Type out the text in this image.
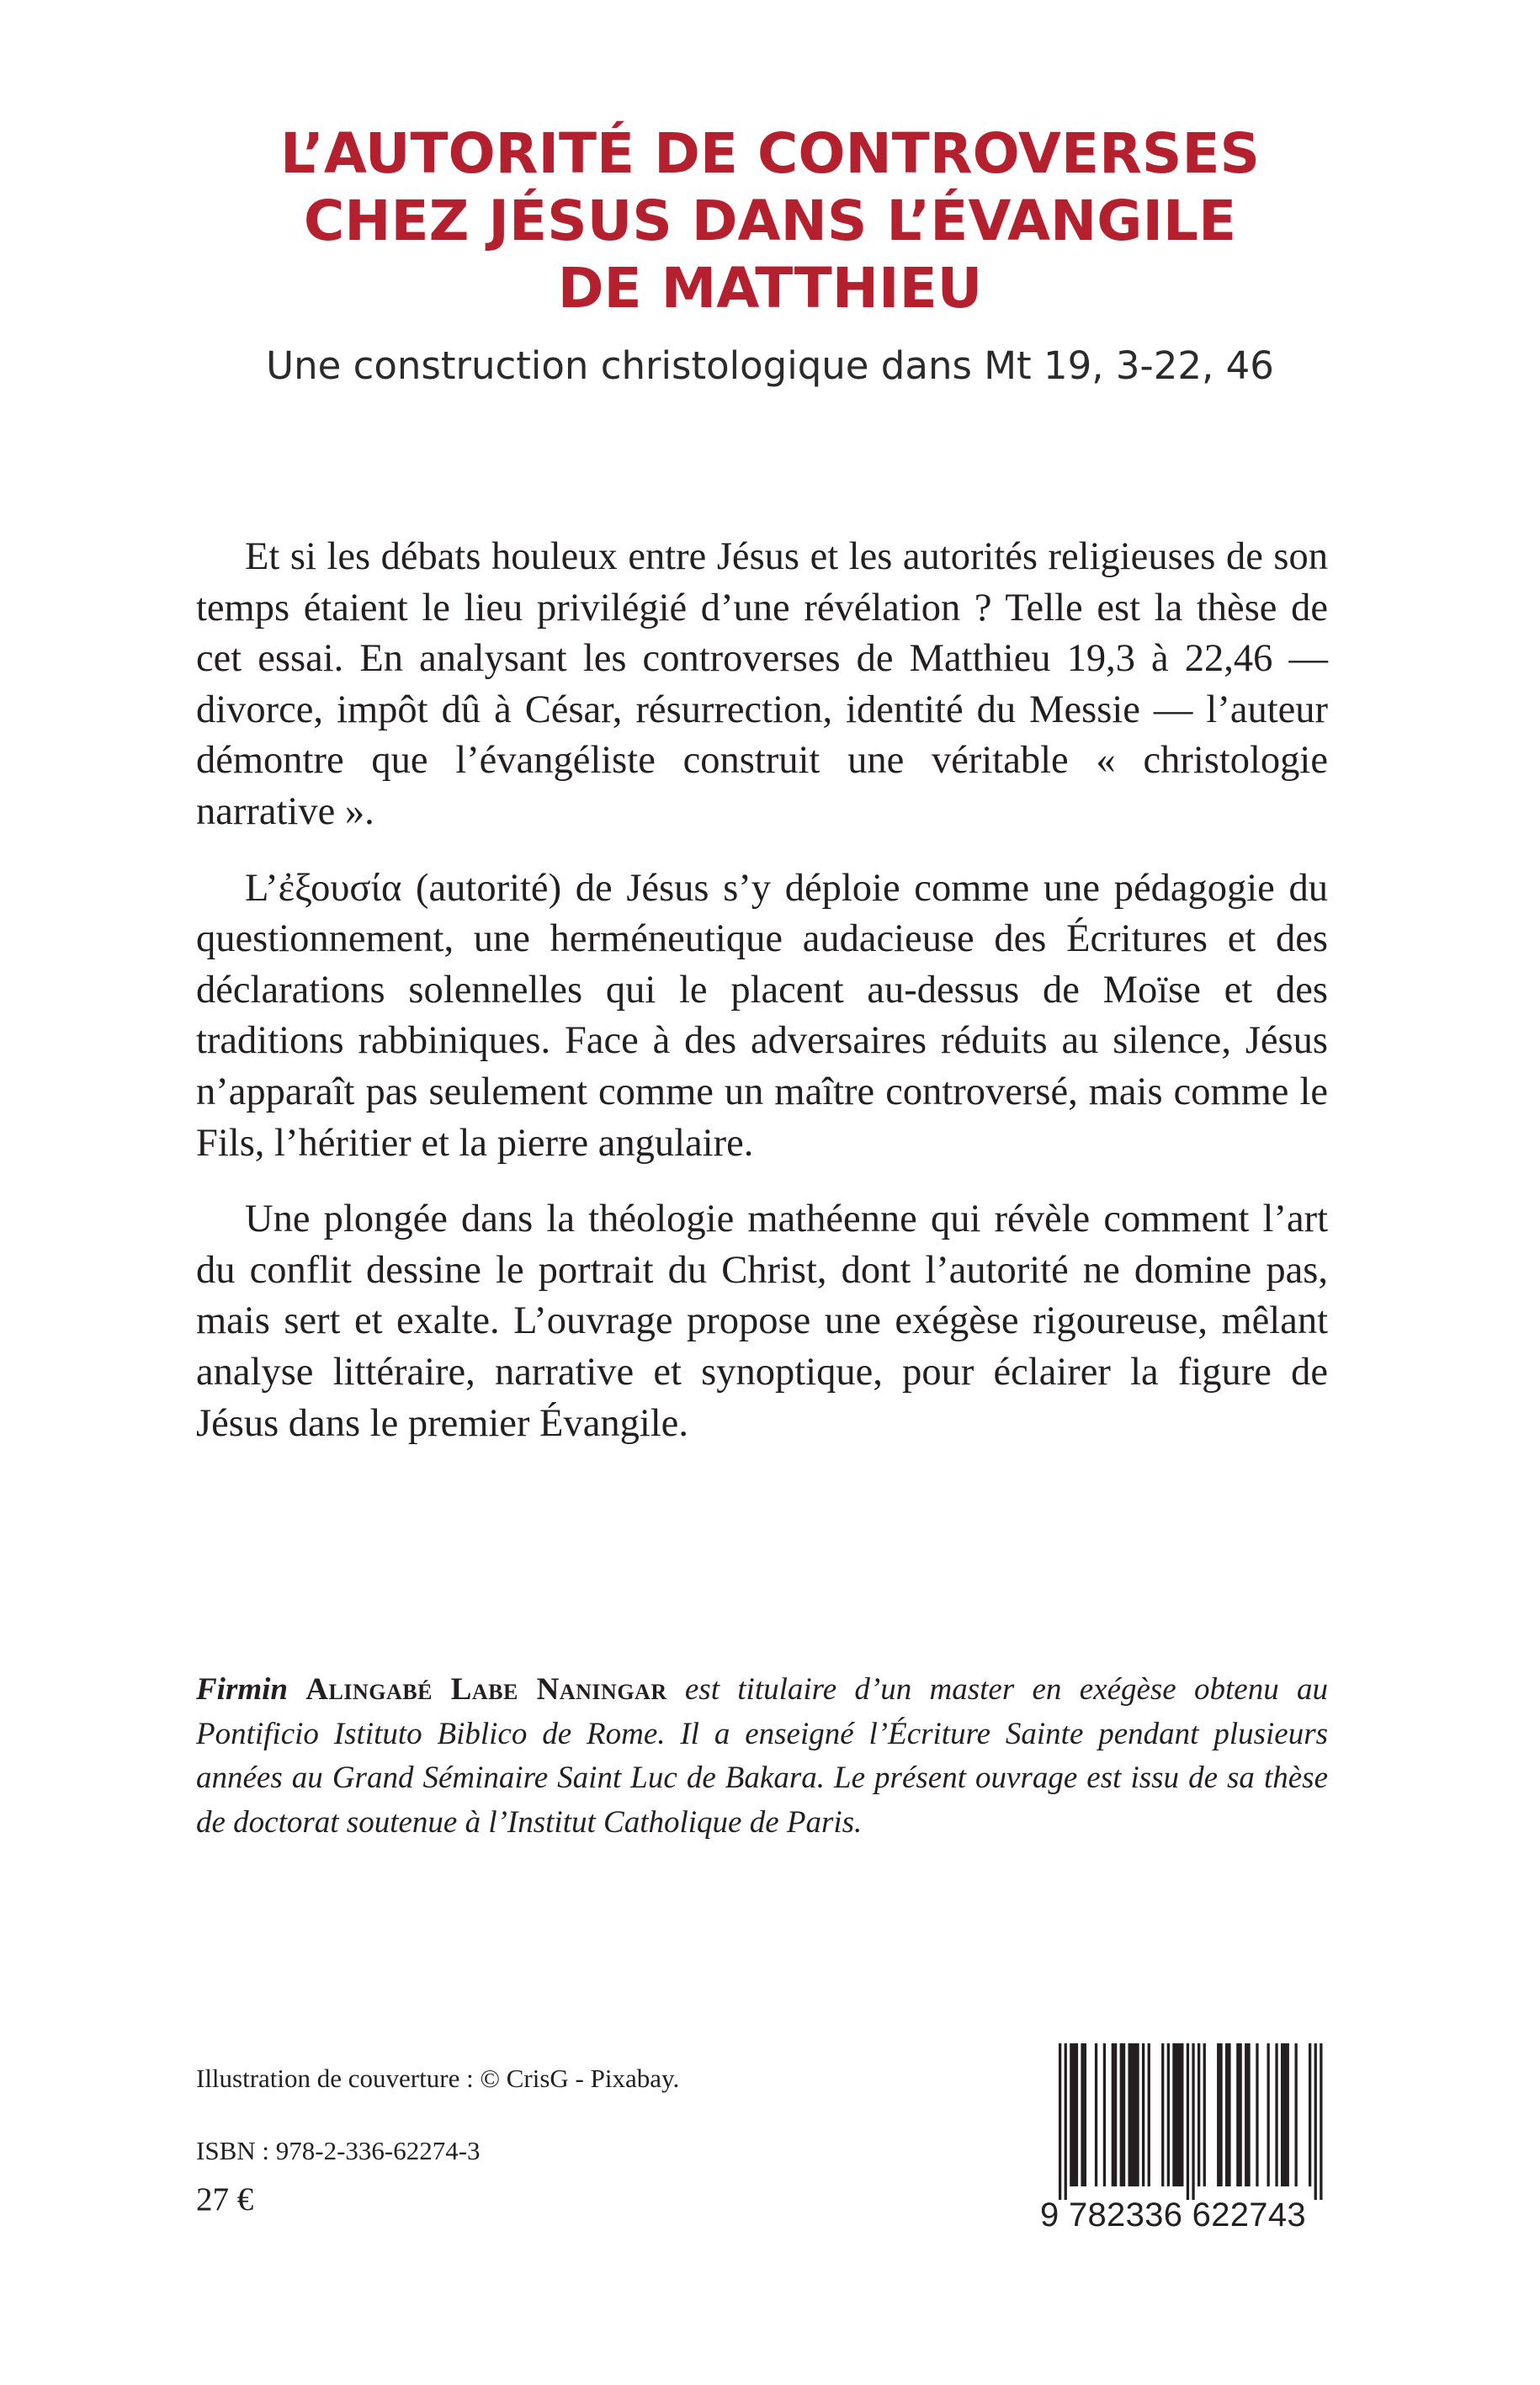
L’AUTORITÉ DE CONTROVERSES
CHEZ JÉSUS DANS L’ÉVANGILE
DE MATTHIEU

Une construction christologique dans Mt 19, 3-22, 46

Et si les débats houleux entre Jésus et les autorités religieuses de son temps étaient le lieu privilégié d’une révélation ? Telle est la thèse de cet essai. En analysant les controverses de Matthieu 19,3 à 22,46 — divorce, impôt dû à César, résurrection, identité du Messie — l’auteur démontre que l’évangéliste construit une véritable « christologie narrative ».

L’ἐξουσία (autorité) de Jésus s’y déploie comme une pédagogie du questionnement, une herméneutique audacieuse des Écritures et des déclarations solennelles qui le placent au-dessus de Moïse et des traditions rabbiniques. Face à des adversaires réduits au silence, Jésus n’apparaît pas seulement comme un maître controversé, mais comme le Fils, l’héritier et la pierre angulaire.

Une plongée dans la théologie mathéenne qui révèle comment l’art du conflit dessine le portrait du Christ, dont l’autorité ne domine pas, mais sert et exalte. L’ouvrage propose une exégèse rigoureuse, mêlant analyse littéraire, narrative et synoptique, pour éclairer la figure de Jésus dans le premier Évangile.

Firmin Alingabé Labe Naningar est titulaire d’un master en exégèse obtenu au Pontificio Istituto Biblico de Rome. Il a enseigné l’Écriture Sainte pendant plusieurs années au Grand Séminaire Saint Luc de Bakara. Le présent ouvrage est issu de sa thèse de doctorat soutenue à l’Institut Catholique de Paris.

Illustration de couverture : © CrisG - Pixabay.

ISBN : 978-2-336-62274-3

27 €	9 782336 622743
